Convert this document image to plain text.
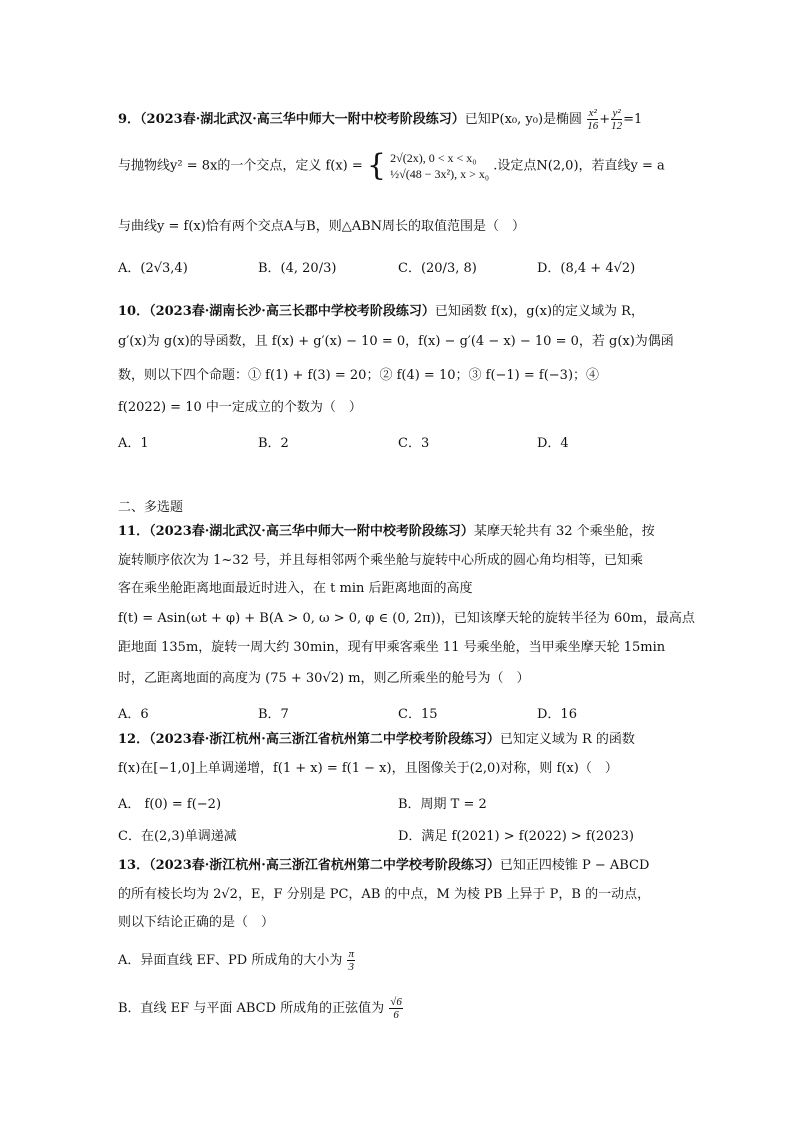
9．（2023春·湖北武汉·高三华中师大一附中校考阶段练习）已知P(x₀, y₀)是椭圆 $\frac{\text{x²}}{16} + \frac{\text{y²}}{12} =1$
与抛物线y² = 8x的一个交点，定义 f(x) = { 2√(2x), 0 < x < x₀
½√(48 − 3x²), x > x₀
.设定点N(2,0)，若直线y = a
与曲线y = f(x)恰有两个交点A与B，则△ABN周长的取值范围是（　）
A．(2√3,4)	B．(4, 20/3)	C．(20/3, 8)	D．(8,4 + 4√2)
10．（2023春·湖南长沙·高三长郡中学校考阶段练习）已知函数 f(x)，g(x)的定义域为 R，
g′(x)为 g(x)的导函数，且 f(x) + g′(x) − 10 = 0，f(x) − g′(4 − x) − 10 = 0，若 g(x)为偶函
数，则以下四个命题：① f(1) + f(3) = 20；② f(4) = 10；③ f(−1) = f(−3)；④
f(2022) = 10 中一定成立的个数为（　）
A．1	B．2	C．3	D．4
二、多选题
11．（2023春·湖北武汉·高三华中师大一附中校考阶段练习）某摩天轮共有 32 个乘坐舱，按
旋转顺序依次为 1~32 号，并且每相邻两个乘坐舱与旋转中心所成的圆心角均相等，已知乘
客在乘坐舱距离地面最近时进入，在 t min 后距离地面的高度
f(t) = Asin(ωt + φ) + B(A > 0, ω > 0, φ ∈ (0, 2π))，已知该摩天轮的旋转半径为 60m，最高点
距地面 135m，旋转一周大约 30min，现有甲乘客乘坐 11 号乘坐舱，当甲乘坐摩天轮 15min
时，乙距离地面的高度为 (75 + 30√2) m，则乙所乘坐的舱号为（　）
A．6	B．7	C．15	D．16
12．（2023春·浙江杭州·高三浙江省杭州第二中学校考阶段练习）已知定义域为 R 的函数
f(x)在[−1,0]上单调递增，f(1 + x) = f(1 − x)，且图像关于(2,0)对称，则 f(x)（　）
A． f(0) = f(−2)	B．周期 T = 2
C．在(2,3)单调递减	D．满足 f(2021) > f(2022) > f(2023)
13．（2023春·浙江杭州·高三浙江省杭州第二中学校考阶段练习）已知正四棱锥 P − ABCD
的所有棱长均为 2√2，E，F 分别是 PC，AB 的中点，M 为棱 PB 上异于 P，B 的一动点，
则以下结论正确的是（　）
A．异面直线 EF、PD 所成角的大小为 $\frac{\pi}{3}$
B．直线 EF 与平面 ABCD 所成角的正弦值为 $\frac{√6}{6}$
